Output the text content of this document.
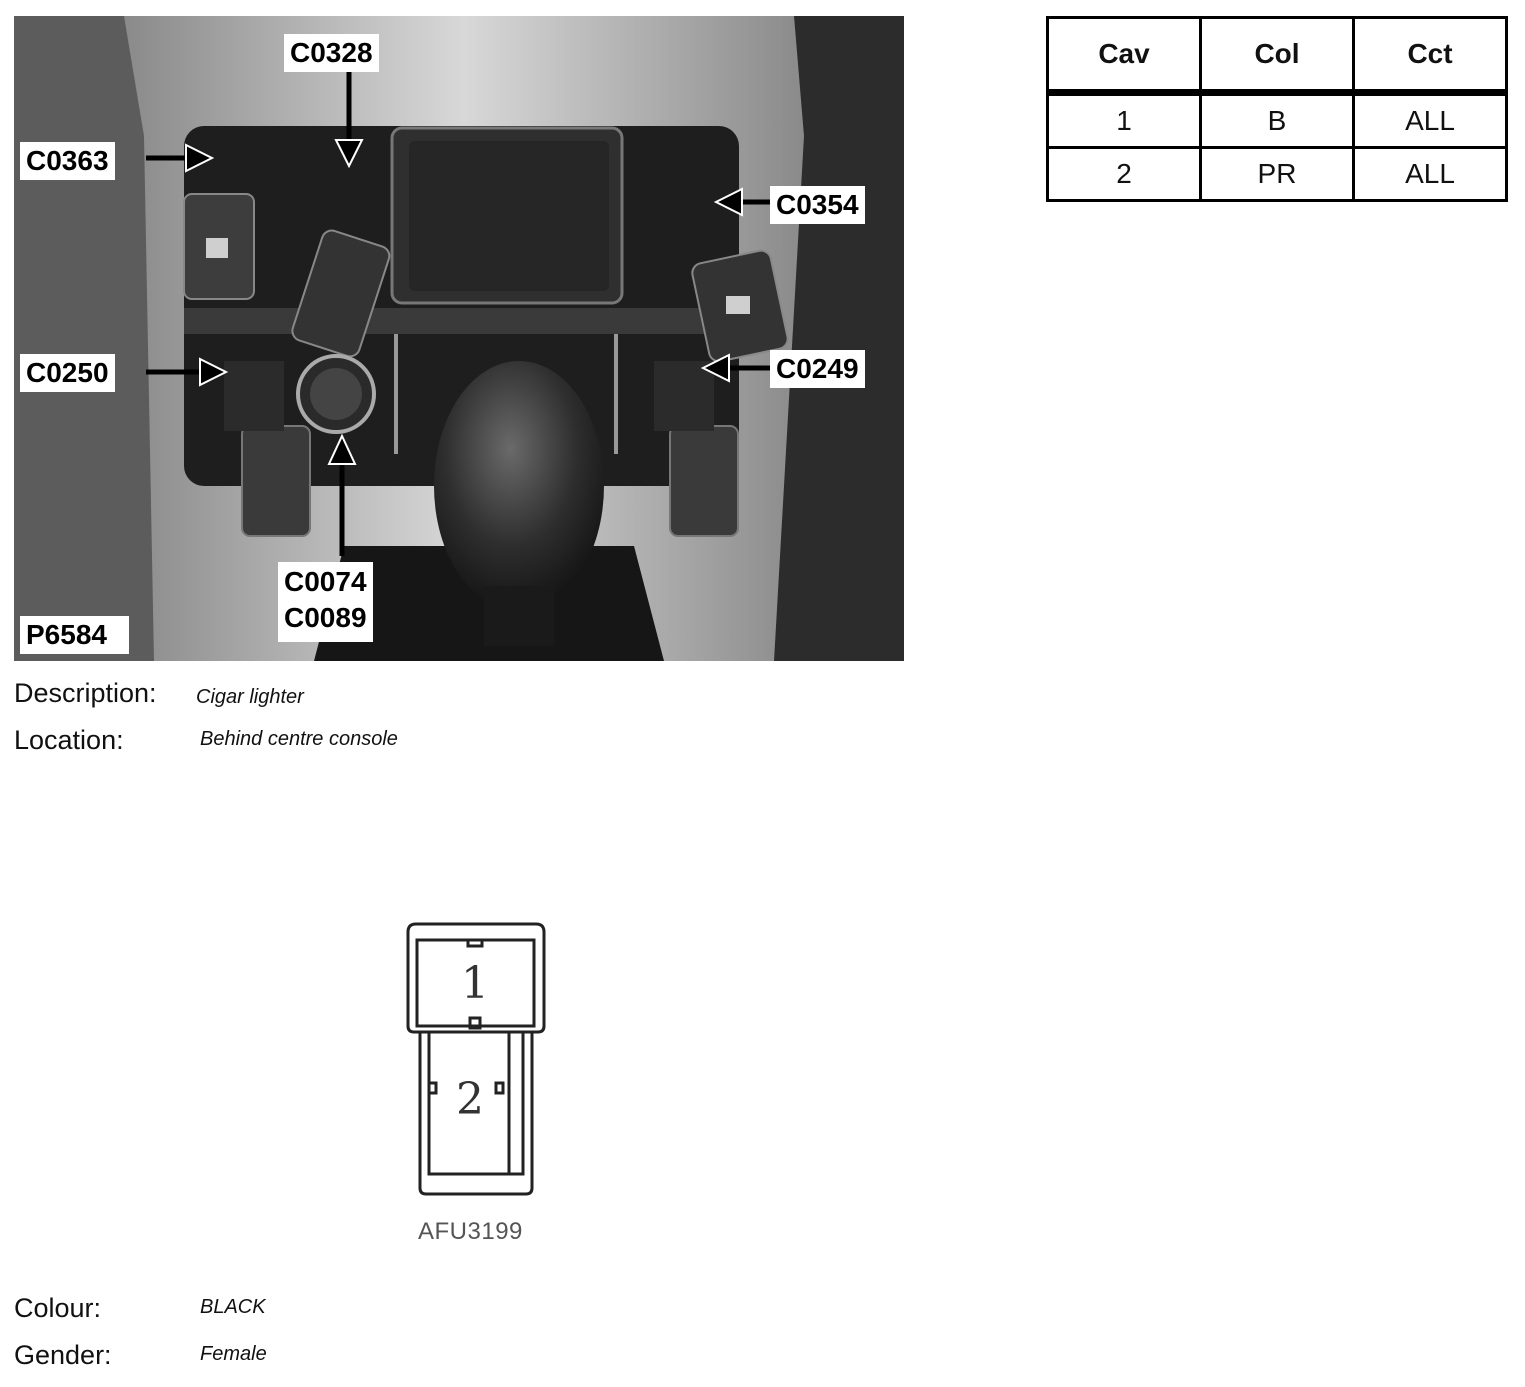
C0328
C0363
C0354
C0250	C0249
C0074
C0089
P6584
Cav	Col	Cct
1	B	ALL
2	PR	ALL
Description: Cigar lighter
Location:	Behind centre console
1
2
AFU3199
Colour:	BLACK
Gender:	Female
